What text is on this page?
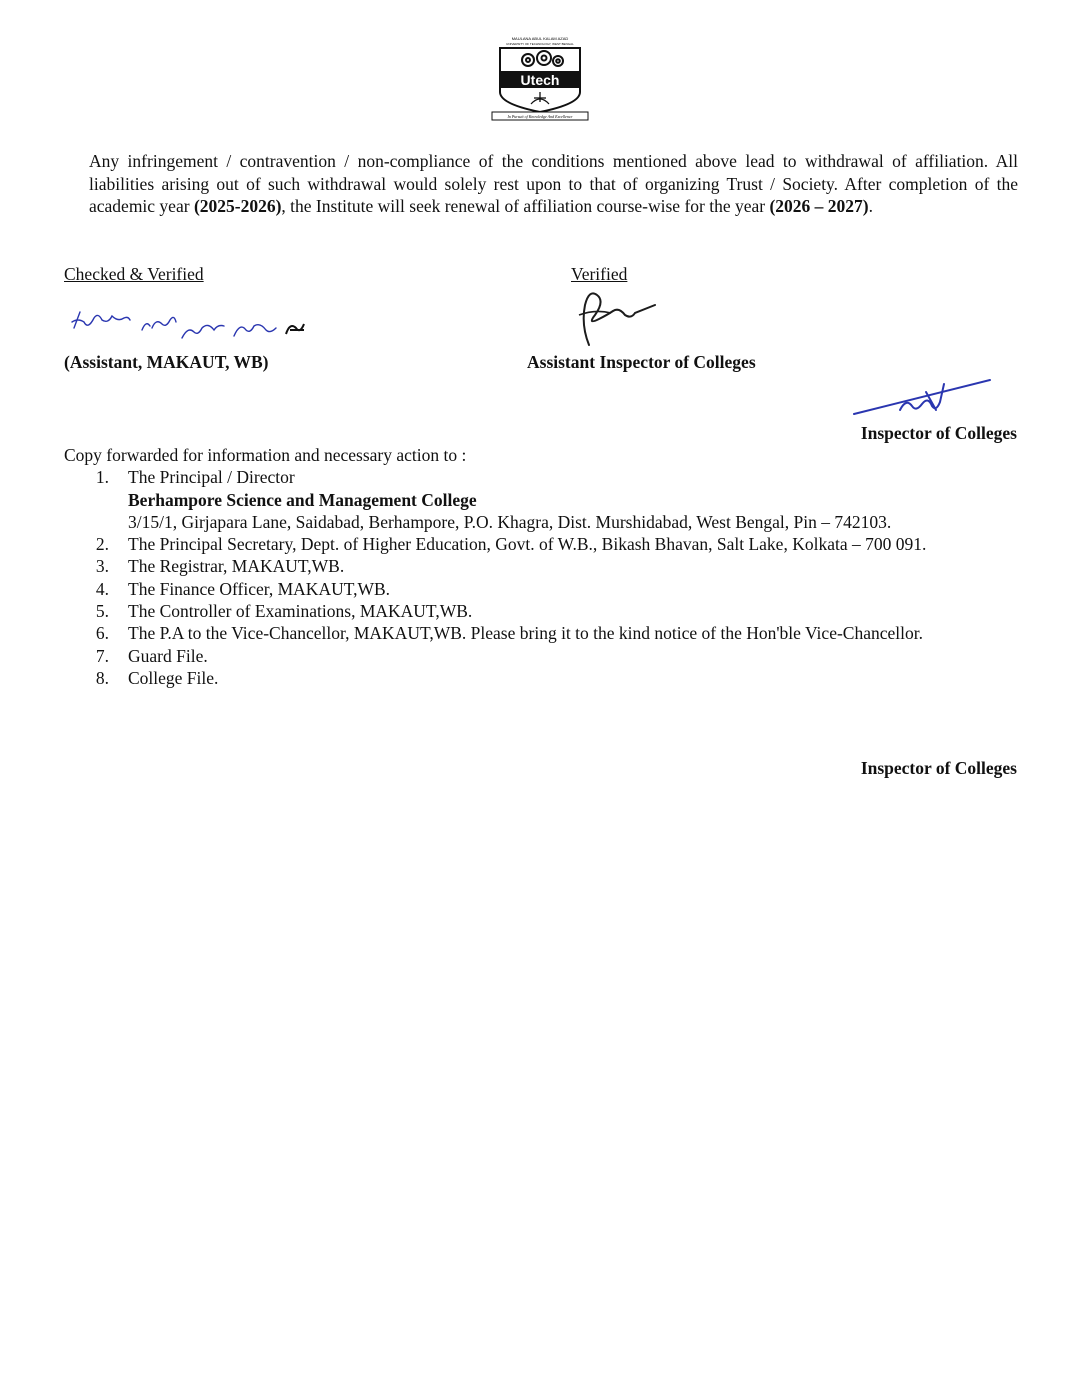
MAULANA ABUL KALAM AZAD
UNIVERSITY OF TECHNOLOGY, WEST BENGAL
Utech
In Pursuit of Knowledge And Excellence
Any infringement / contravention / non-compliance of the conditions mentioned above lead to withdrawal of affiliation. All liabilities arising out of such withdrawal would solely rest upon to that of organizing Trust / Society. After completion of the academic year (2025-2026), the Institute will seek renewal of affiliation course-wise for the year (2026 – 2027).
Checked & Verified	Verified
(Assistant, MAKAUT, WB)	Assistant Inspector of Colleges
Inspector of Colleges
Copy forwarded for information and necessary action to :
1. The Principal / Director
Berhampore Science and Management College
3/15/1, Girjapara Lane, Saidabad, Berhampore, P.O. Khagra, Dist. Murshidabad, West Bengal, Pin – 742103.
2. The Principal Secretary, Dept. of Higher Education, Govt. of W.B., Bikash Bhavan, Salt Lake, Kolkata – 700 091.
3. The Registrar, MAKAUT,WB.
4. The Finance Officer, MAKAUT,WB.
5. The Controller of Examinations, MAKAUT,WB.
6. The P.A to the Vice-Chancellor, MAKAUT,WB. Please bring it to the kind notice of the Hon'ble Vice-Chancellor.
7. Guard File.
8. College File.
Inspector of Colleges
